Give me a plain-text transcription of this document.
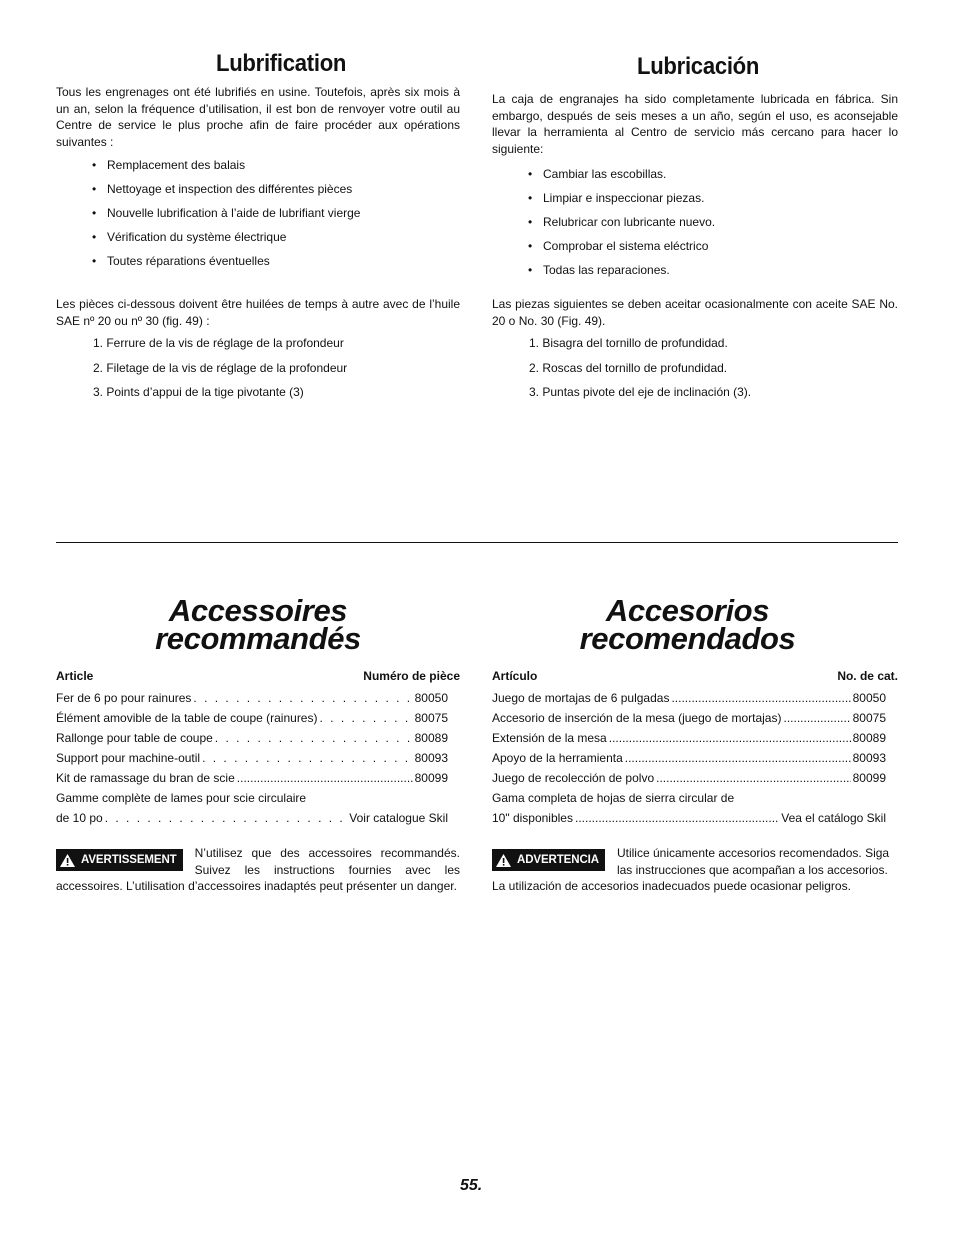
Lubrification

Tous les engrenages ont été lubrifiés en usine. Toutefois, après six mois à un an, selon la fréquence d’utilisation, il est bon de renvoyer votre outil au Centre de service le plus proche afin de faire procéder aux opérations suivantes :

• Remplacement des balais
• Nettoyage et inspection des différentes pièces
• Nouvelle lubrification à l’aide de lubrifiant vierge
• Vérification du système électrique
• Toutes réparations éventuelles

Les pièces ci-dessous doivent être huilées de temps à autre avec de l’huile SAE nº 20 ou nº 30 (fig. 49) :

1. Ferrure de la vis de réglage de la profondeur
2. Filetage de la vis de réglage de la profondeur
3. Points d’appui de la tige pivotante (3)
Lubricación

La caja de engranajes ha sido completamente lubricada en fábrica. Sin embargo, después de seis meses a un año, según el uso, es aconsejable llevar la herramienta al Centro de servicio más cercano para hacer lo siguiente:

• Cambiar las escobillas.
• Limpiar e inspeccionar piezas.
• Relubricar con lubricante nuevo.
• Comprobar el sistema eléctrico
• Todas las reparaciones.

Las piezas siguientes se deben aceitar ocasionalmente con aceite SAE No. 20 o No. 30 (Fig. 49).

1. Bisagra del tornillo de profundidad.
2. Roscas del tornillo de profundidad.
3. Puntas pivote del eje de inclinación (3).
Accessoires
recommandés
Article	Numéro de pièce
Fer de 6 po pour rainures . . .	80050
Élément amovible de la table de coupe (rainures) . . .	80075
Rallonge pour table de coupe . . .	80089
Support pour machine-outil . . .	80093
Kit de ramassage du bran de scie .....	80099
Gamme complète de lames pour scie circulaire
de 10 po . . .	Voir catalogue Skil

AVERTISSEMENT N’utilisez que des accessoires recommandés. Suivez les instructions fournies avec les accessoires. L’utilisation d’accessoires inadaptés peut présenter un danger.

Accesorios
recomendados
Artículo	No. de cat.
Juego de mortajas de 6 pulgadas .....	80050
Accesorio de inserción de la mesa (juego de mortajas) .....	80075
Extensión de la mesa .....	80089
Apoyo de la herramienta .....	80093
Juego de recolección de polvo .....	80099
Gama completa de hojas de sierra circular de
10" disponibles .....	Vea el catálogo Skil

ADVERTENCIA Utilice únicamente accesorios recomendados. Siga las instrucciones que acompañan a los accesorios. La utilización de accesorios inadecuados puede ocasionar peligros.

55.
